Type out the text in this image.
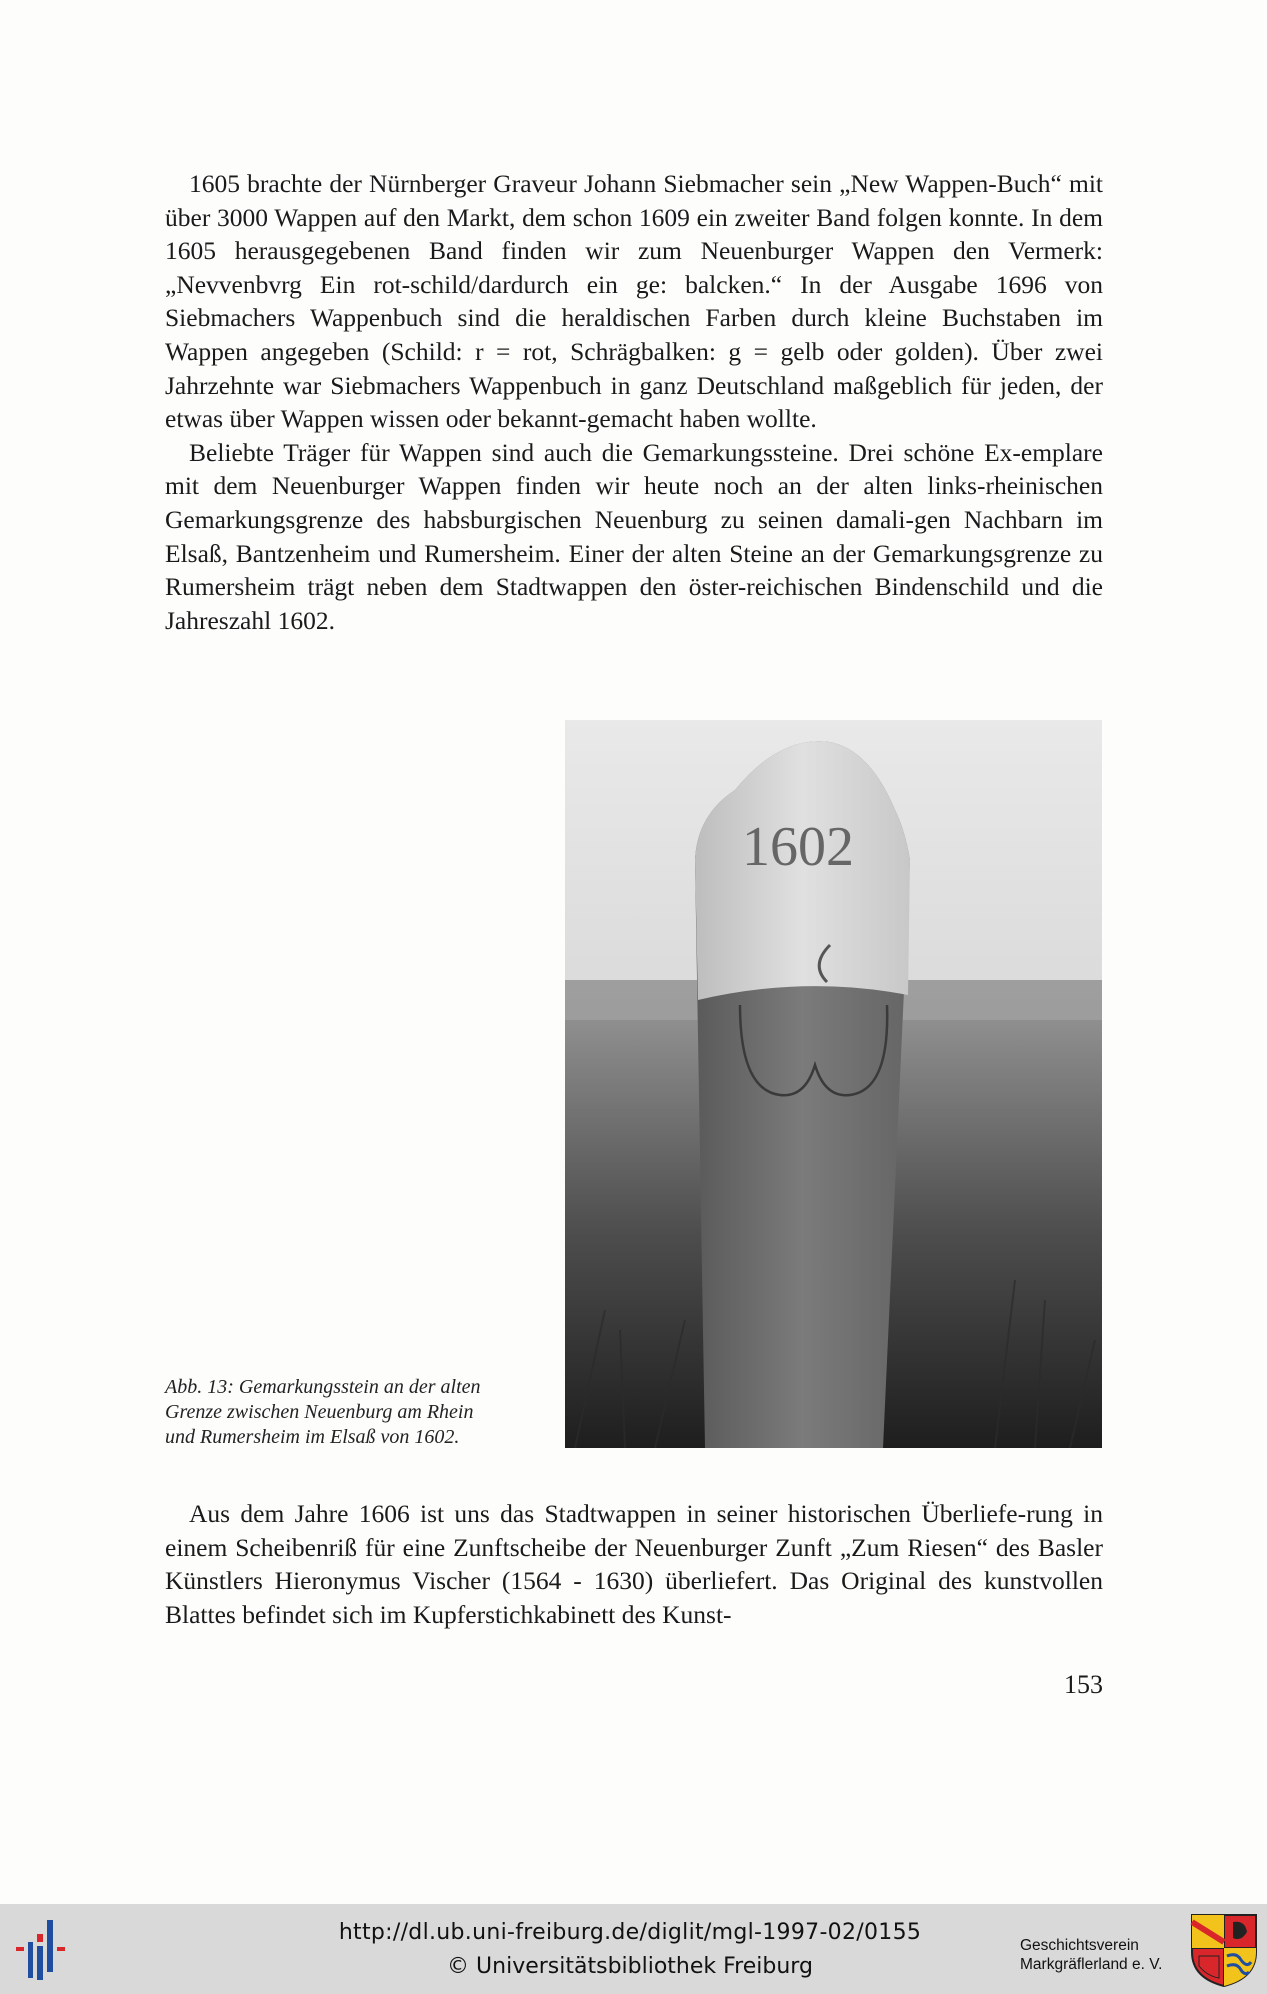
1605 brachte der Nürnberger Graveur Johann Siebmacher sein „New Wappen-Buch“ mit über 3000 Wappen auf den Markt, dem schon 1609 ein zweiter Band folgen konnte. In dem 1605 herausgegebenen Band finden wir zum Neuenburger Wappen den Vermerk: „Nevvenbvrg Ein rot-schild/dardurch ein ge: balcken.“ In der Ausgabe 1696 von Siebmachers Wappenbuch sind die heraldischen Farben durch kleine Buchstaben im Wappen angegeben (Schild: r = rot, Schrägbalken: g = gelb oder golden). Über zwei Jahrzehnte war Siebmachers Wappenbuch in ganz Deutschland maßgeblich für jeden, der etwas über Wappen wissen oder bekannt-gemacht haben wollte.

Beliebte Träger für Wappen sind auch die Gemarkungssteine. Drei schöne Ex-emplare mit dem Neuenburger Wappen finden wir heute noch an der alten links-rheinischen Gemarkungsgrenze des habsburgischen Neuenburg zu seinen damali-gen Nachbarn im Elsaß, Bantzenheim und Rumersheim. Einer der alten Steine an der Gemarkungsgrenze zu Rumersheim trägt neben dem Stadtwappen den öster-reichischen Bindenschild und die Jahreszahl 1602.

1602

Abb. 13: Gemarkungsstein an der alten

Grenze zwischen Neuenburg am Rhein

und Rumersheim im Elsaß von 1602.

Aus dem Jahre 1606 ist uns das Stadtwappen in seiner historischen Überliefe-rung in einem Scheibenriß für eine Zunftscheibe der Neuenburger Zunft „Zum Riesen“ des Basler Künstlers Hieronymus Vischer (1564 - 1630) überliefert. Das Original des kunstvollen Blattes befindet sich im Kupferstichkabinett des Kunst-

153
http://dl.ub.uni-freiburg.de/diglit/mgl-1997-02/0155
© Universitätsbibliothek Freiburg

Geschichtsverein

Markgräflerland e. V.
